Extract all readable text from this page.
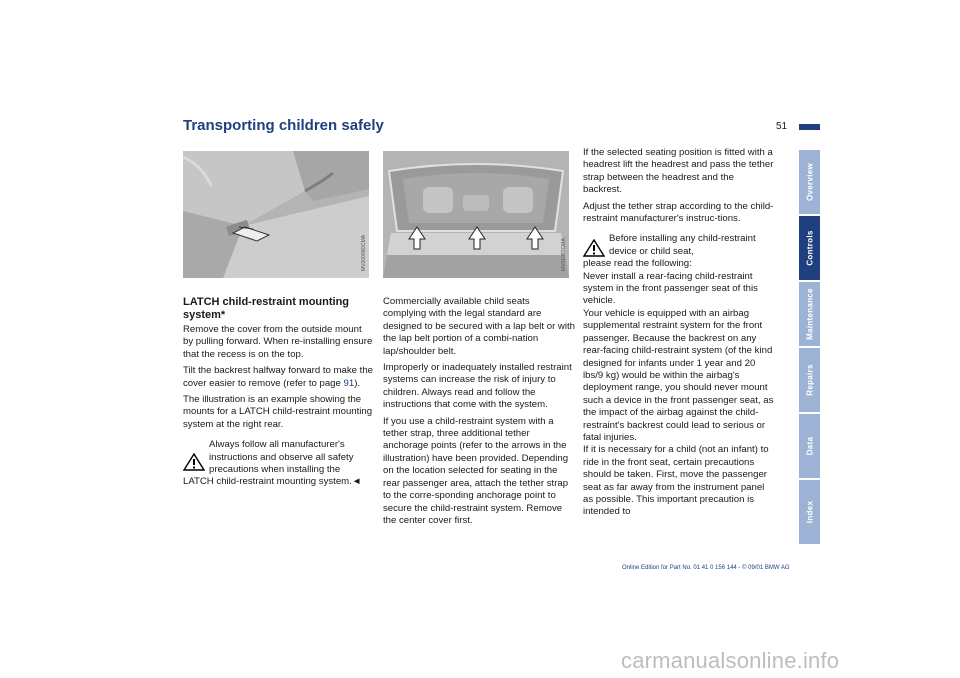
Transporting children safely	51
Overview
Controls
Maintenance
Repairs
Data
Index
MV00000DCMA	MV0108TCMA
LATCH child-restraint mounting system*

Remove the cover from the outside mount by pulling forward. When re-installing ensure that the recess is on the top.

Tilt the backrest halfway forward to make the cover easier to remove (refer to page 91).

The illustration is an example showing the mounts for a LATCH child-restraint mounting system at the right rear.

Always follow all manufacturer's instructions and observe all safety
precautions when installing the LATCH child-restraint mounting system.◄

Commercially available child seats complying with the legal standard are designed to be secured with a lap belt or with the lap belt portion of a combi-nation lap/shoulder belt.

Improperly or inadequately installed restraint systems can increase the risk of injury to children. Always read and follow the instructions that come with the system.

If you use a child-restraint system with a tether strap, three additional tether anchorage points (refer to the arrows in the illustration) have been provided. Depending on the location selected for seating in the rear passenger area, attach the tether strap to the corre-sponding anchorage point to secure the child-restraint system. Remove the center cover first.

If the selected seating position is fitted with a headrest lift the headrest and pass the tether strap between the headrest and the backrest.

Adjust the tether strap according to the child-restraint manufacturer's instruc-tions.

Before installing any child-restraint device or child seat,
please read the following:

Never install a rear-facing child-restraint system in the front passenger seat of this vehicle.

Your vehicle is equipped with an airbag supplemental restraint system for the front passenger. Because the backrest on any rear-facing child-restraint system (of the kind designed for infants under 1 year and 20 lbs/9 kg) would be within the airbag's deployment range, you should never mount such a device in the front passenger seat, as the impact of the airbag against the child-restraint's backrest could lead to serious or fatal injuries.

If it is necessary for a child (not an infant) to ride in the front seat, certain precautions should be taken. First, move the passenger seat as far away from the instrument panel as possible. This important precaution is intended to

Online Edition for Part No. 01 41 0 156 144 - © 09/01 BMW AG
carmanualsonline.info
